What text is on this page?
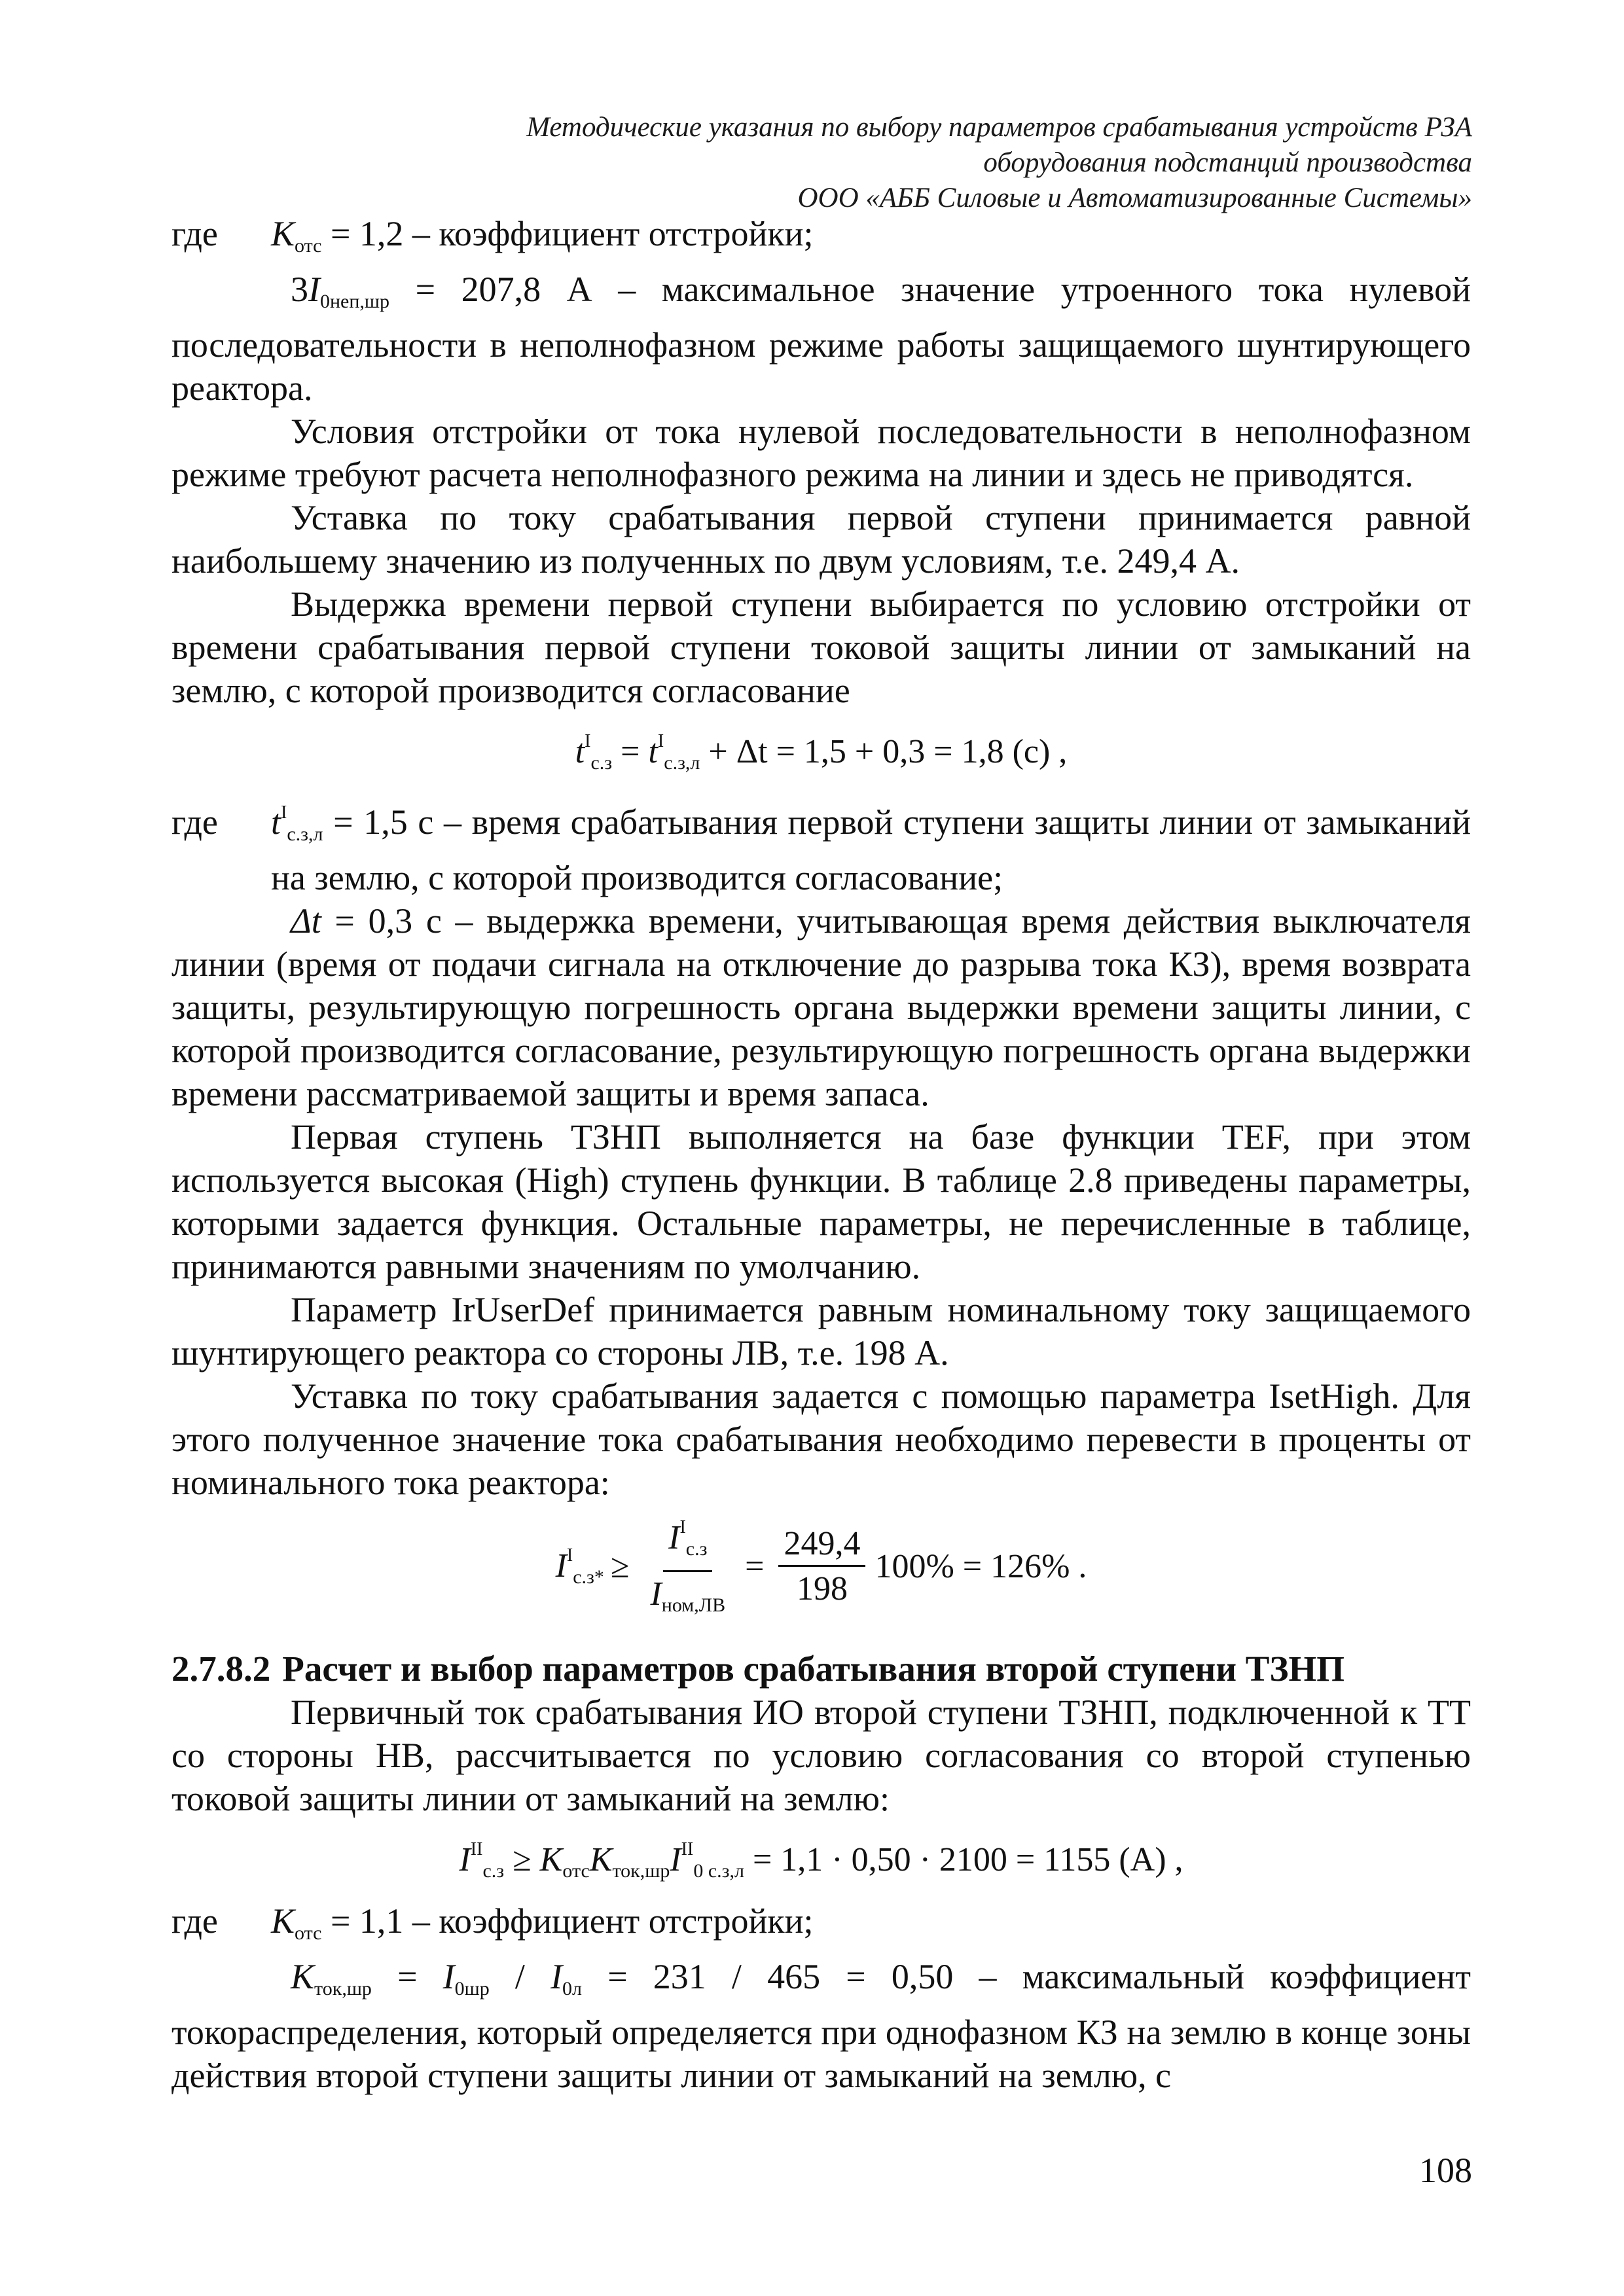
Методические указания по выбору параметров срабатывания устройств РЗА
оборудования подстанций производства
ООО «АББ Силовые и Автоматизированные Системы»
где	$K_{отс} = 1,2$ – коэффициент отстройки;

$3I_{0неп,шр} = 207,8$ А – максимальное значение утроенного тока нулевой последовательности в неполнофазном режиме работы защищаемого шунтирующего реактора.

Условия отстройки от тока нулевой последовательности в неполнофазном режиме требуют расчета неполнофазного режима на линии и здесь не приводятся.

Уставка по току срабатывания первой ступени принимается равной наибольшему значению из полученных по двум условиям, т.е. 249,4 А.

Выдержка времени первой ступени выбирается по условию отстройки от времени срабатывания первой ступени токовой защиты линии от замыканий на землю, с которой производится согласование

$t^I_{с.з} = t^I_{с.з,л} + \Delta t = 1,5 + 0,3 = 1,8$ (с) ,
где	$t^I_{с.з,л} = 1,5$ с – время срабатывания первой ступени защиты линии от замыканий на землю, с которой производится согласование;

Δt = 0,3 с – выдержка времени, учитывающая время действия выключателя линии (время от подачи сигнала на отключение до разрыва тока КЗ), время возврата защиты, результирующую погрешность органа выдержки времени защиты линии, с которой производится согласование, результирующую погрешность органа выдержки времени рассматриваемой защиты и время запаса.

Первая ступень ТЗНП выполняется на базе функции TEF, при этом используется высокая (High) ступень функции. В таблице 2.8 приведены параметры, которыми задается функция. Остальные параметры, не перечисленные в таблице, принимаются равными значениям по умолчанию.

Параметр IrUserDef принимается равным номинальному току защищаемого шунтирующего реактора со стороны ЛВ, т.е. 198 А.

Уставка по току срабатывания задается с помощью параметра IsetHigh. Для этого полученное значение тока срабатывания необходимо перевести в проценты от номинального тока реактора:

$I^I_{с.з*} \ge \frac{I^I_{с.з}}{I_{ном,ЛВ}} = \frac{249,4}{198} 100\% = 126\%$ .
2.7.8.2 Расчет и выбор параметров срабатывания второй ступени ТЗНП

Первичный ток срабатывания ИО второй ступени ТЗНП, подключенной к ТТ со стороны НВ, рассчитывается по условию согласования со второй ступенью токовой защиты линии от замыканий на землю:

$I^{II}_{с.з} \ge K_{отс}K_{ток,шр}I^{II}_{0 с.з,л} = 1,1 \cdot 0,50 \cdot 2100 = 1155$ (А) ,
где	$K_{отс} = 1,1$ – коэффициент отстройки;

$K_{ток,шр} = I_{0шр} / I_{0л} = 231 / 465 = 0,50$ – максимальный коэффициент токораспределения, который определяется при однофазном КЗ на землю в конце зоны действия второй ступени защиты линии от замыканий на землю, с

108
